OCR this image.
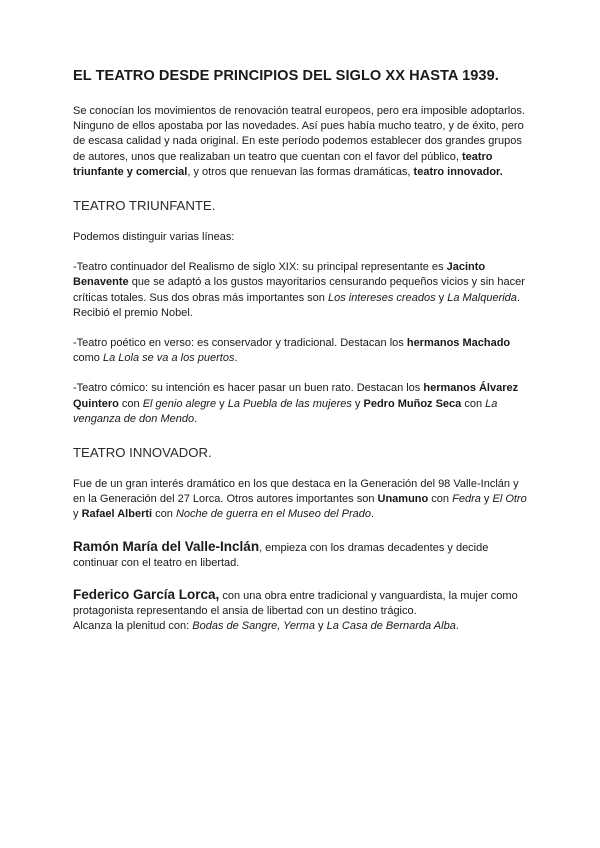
EL TEATRO DESDE PRINCIPIOS DEL SIGLO XX HASTA 1939.

Se conocían los movimientos de renovación teatral europeos, pero era imposible adoptarlos. Ninguno de ellos apostaba por las novedades. Así pues había mucho teatro, y de éxito, pero de escasa calidad y nada original. En este período podemos establecer dos grandes grupos de autores, unos que realizaban un teatro que cuentan con el favor del público, teatro triunfante y comercial, y otros que renuevan las formas dramáticas, teatro innovador.

TEATRO TRIUNFANTE.

Podemos distinguir varias líneas:

-Teatro continuador del Realismo de siglo XIX: su principal representante es Jacinto Benavente que se adaptó a los gustos mayoritarios censurando pequeños vicios y sin hacer críticas totales. Sus dos obras más importantes son Los intereses creados y La Malquerida. Recibió el premio Nobel.

-Teatro poético en verso: es conservador y tradicional. Destacan los hermanos Machado como La Lola se va a los puertos.

-Teatro cómico: su intención es hacer pasar un buen rato. Destacan los hermanos Álvarez Quintero con El genio alegre y La Puebla de las mujeres y Pedro Muñoz Seca con La venganza de don Mendo.

TEATRO INNOVADOR.

Fue de un gran interés dramático en los que destaca en la Generación del 98 Valle-Inclán y en la Generación del 27 Lorca. Otros autores importantes son Unamuno con Fedra y El Otro y Rafael Alberti con Noche de guerra en el Museo del Prado.

Ramón María del Valle-Inclán, empieza con los dramas decadentes y decide continuar con el teatro en libertad.

Federico García Lorca, con una obra entre tradicional y vanguardista, la mujer como protagonista representando el ansia de libertad con un destino trágico.
Alcanza la plenitud con: Bodas de Sangre, Yerma y La Casa de Bernarda Alba.
